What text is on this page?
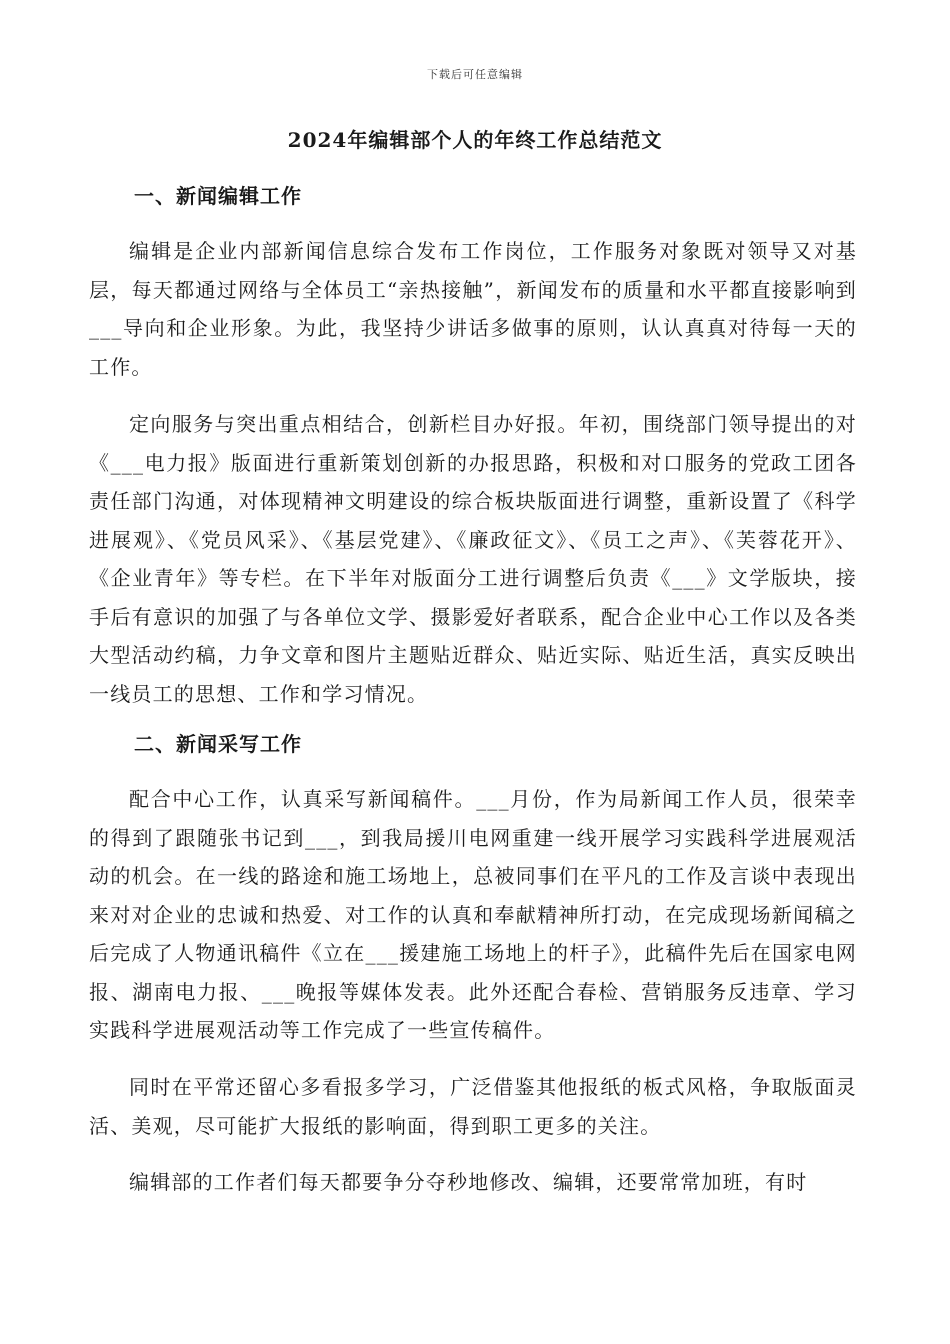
下载后可任意编辑
2024年编辑部个人的年终工作总结范文
一、新闻编辑工作

编辑是企业内部新闻信息综合发布工作岗位，工作服务对象既对领导又对基层，每天都通过网络与全体员工“亲热接触”，新闻发布的质量和水平都直接影响到___导向和企业形象。为此，我坚持少讲话多做事的原则，认认真真对待每一天的工作。

定向服务与突出重点相结合，创新栏目办好报。年初，围绕部门领导提出的对《___电力报》版面进行重新策划创新的办报思路，积极和对口服务的党政工团各责任部门沟通，对体现精神文明建设的综合板块版面进行调整，重新设置了《科学进展观》、《党员风采》、《基层党建》、《廉政征文》、《员工之声》、《芙蓉花开》、《企业青年》等专栏。在下半年对版面分工进行调整后负责《___》文学版块，接手后有意识的加强了与各单位文学、摄影爱好者联系，配合企业中心工作以及各类大型活动约稿，力争文章和图片主题贴近群众、贴近实际、贴近生活，真实反映出一线员工的思想、工作和学习情况。

二、新闻采写工作

配合中心工作，认真采写新闻稿件。___月份，作为局新闻工作人员，很荣幸的得到了跟随张书记到___，到我局援川电网重建一线开展学习实践科学进展观活动的机会。在一线的路途和施工场地上，总被同事们在平凡的工作及言谈中表现出来对对企业的忠诚和热爱、对工作的认真和奉献精神所打动，在完成现场新闻稿之后完成了人物通讯稿件《立在___援建施工场地上的杆子》，此稿件先后在国家电网报、湖南电力报、___晚报等媒体发表。此外还配合春检、营销服务反违章、学习实践科学进展观活动等工作完成了一些宣传稿件。

同时在平常还留心多看报多学习，广泛借鉴其他报纸的板式风格，争取版面灵活、美观，尽可能扩大报纸的影响面，得到职工更多的关注。

编辑部的工作者们每天都要争分夺秒地修改、编辑，还要常常加班，有时
